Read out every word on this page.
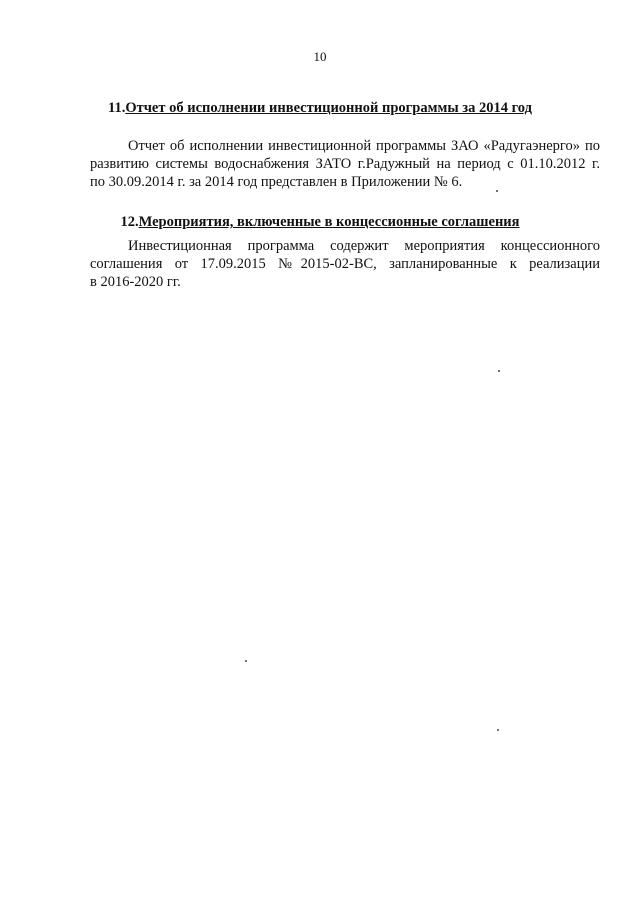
10
11.Отчет об исполнении инвестиционной программы за 2014 год
Отчет об исполнении инвестиционной программы ЗАО «Радугаэнерго» по
развитию системы водоснабжения ЗАТО г.Радужный на период с 01.10.2012 г.
по 30.09.2014 г. за 2014 год представлен в Приложении № 6.
12.Мероприятия, включенные в концессионные соглашения
Инвестиционная программа содержит мероприятия концессионного
соглашения от 17.09.2015 №2015-02-ВС, запланированные к реализации
в 2016-2020 гг.
